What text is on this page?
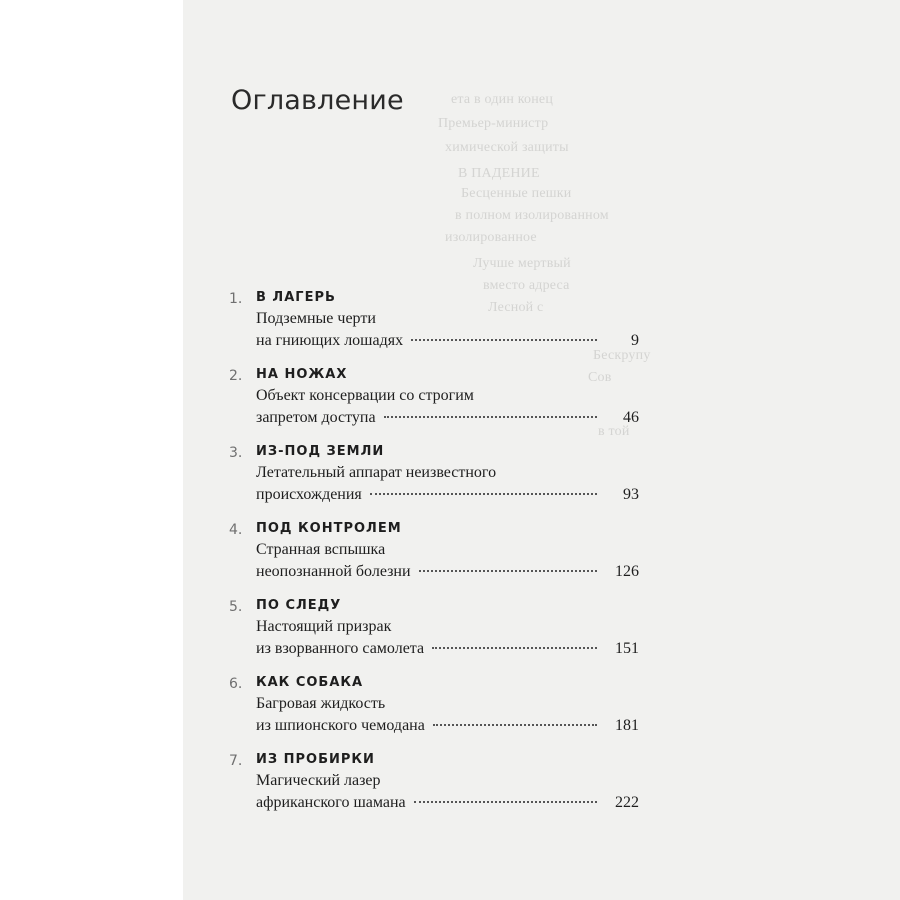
ета в один конец
Премьер-министр
химической защиты
В ПАДЕНИЕ
Бесценные пешки
в полном изолированном
изолированное
Лучше мертвый
вместо адреса
Лесной с
Бескрупу
Сов
в той
Оглавление
1. В ЛАГЕРЬ
Подземные черти
на гниющих лошадях	9
2. НА НОЖАХ
Объект консервации со строгим
запретом доступа	46
3. ИЗ-ПОД ЗЕМЛИ
Летательный аппарат неизвестного
происхождения	93
4. ПОД КОНТРОЛЕМ
Странная вспышка
неопознанной болезни	126
5. ПО СЛЕДУ
Настоящий призрак
из взорванного самолета	151
6. КАК СОБАКА
Багровая жидкость
из шпионского чемодана	181
7. ИЗ ПРОБИРКИ
Магический лазер
африканского шамана	222
